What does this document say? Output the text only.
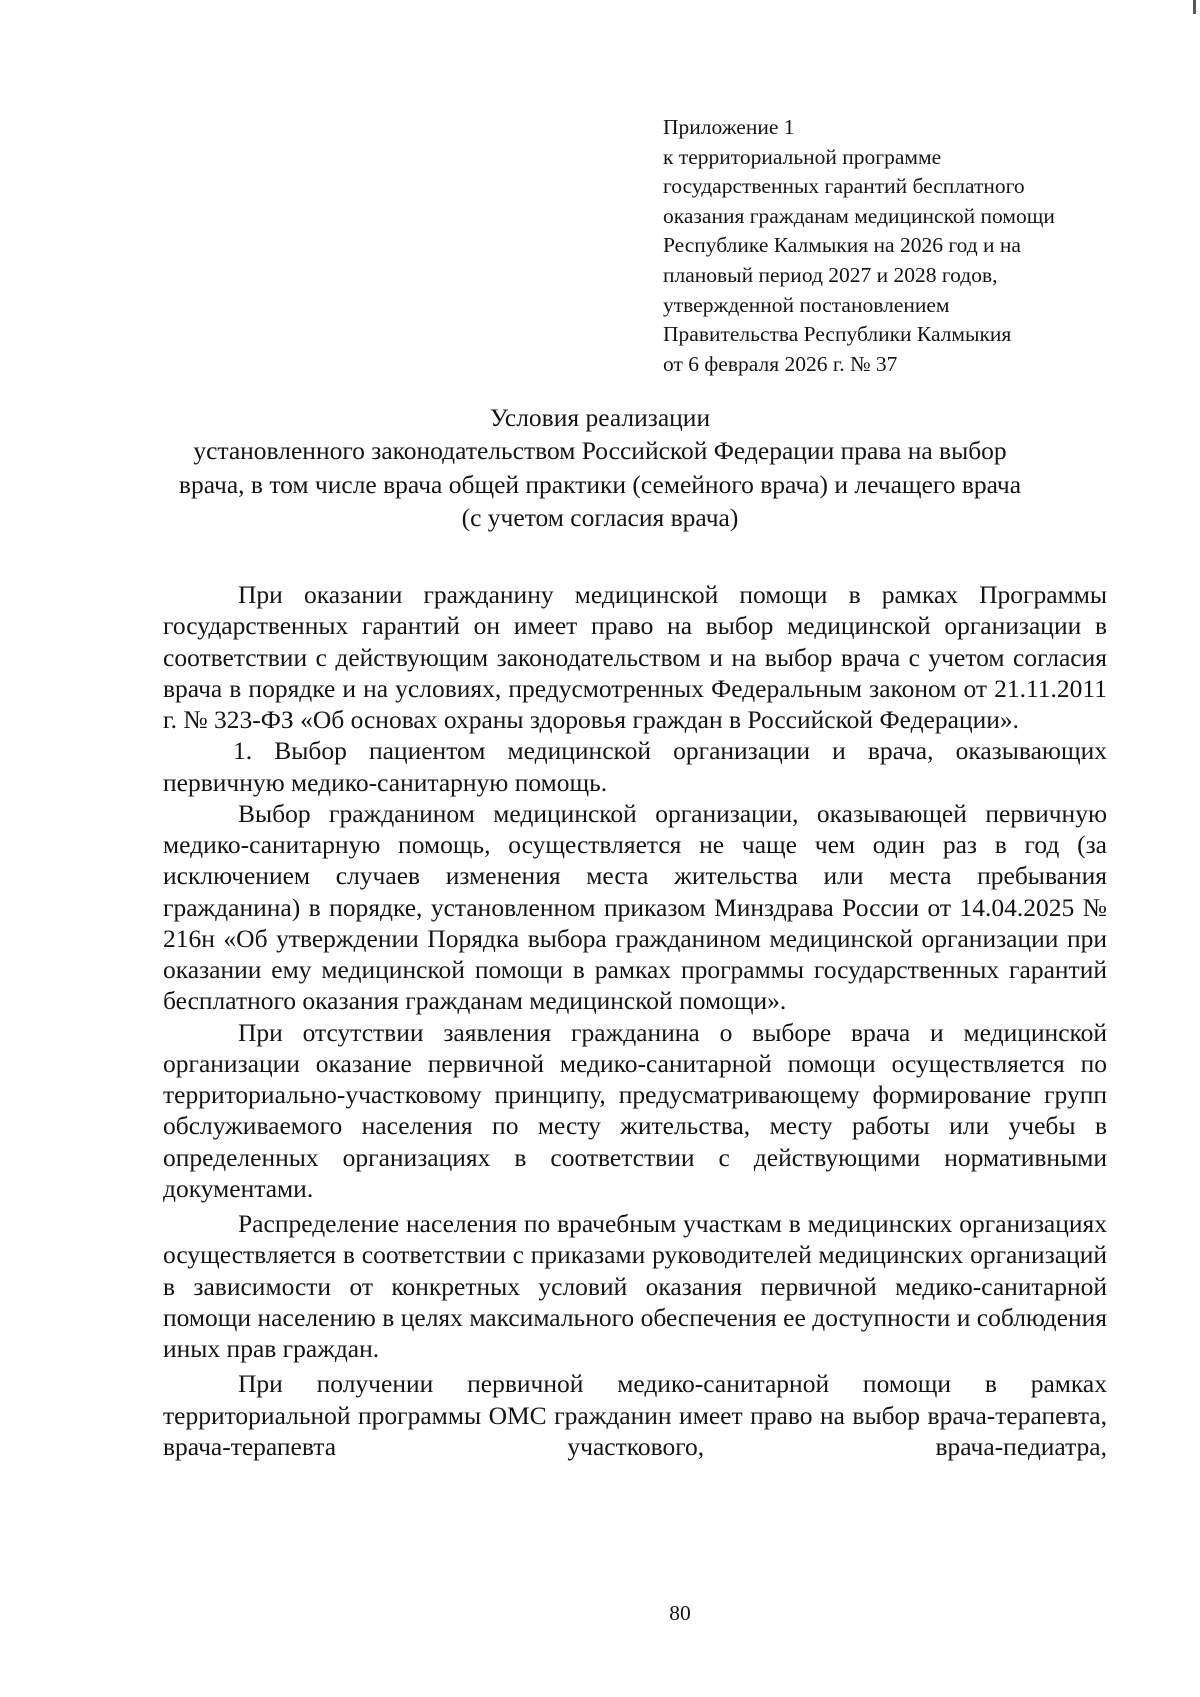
Приложение 1
к территориальной программе
государственных гарантий бесплатного
оказания гражданам медицинской помощи
Республике Калмыкия на 2026 год и на
плановый период 2027 и 2028 годов,
утвержденной постановлением
Правительства Республики Калмыкия
от 6 февраля 2026 г. № 37
Условия реализации
установленного законодательством Российской Федерации права на выбор
врача, в том числе врача общей практики (семейного врача) и лечащего врача
(с учетом согласия врача)

При оказании гражданину медицинской помощи в рамках Программы государственных гарантий он имеет право на выбор медицинской организации в соответствии с действующим законодательством и на выбор врача с учетом согласия врача в порядке и на условиях, предусмотренных Федеральным законом от 21.11.2011 г. № 323-ФЗ «Об основах охраны здоровья граждан в Российской Федерации».

1. Выбор пациентом медицинской организации и врача, оказывающих первичную медико-санитарную помощь.

Выбор гражданином медицинской организации, оказывающей первичную медико-санитарную помощь, осуществляется не чаще чем один раз в год (за исключением случаев изменения места жительства или места пребывания гражданина) в порядке, установленном приказом Минздрава России от 14.04.2025 № 216н «Об утверждении Порядка выбора гражданином медицинской организации при оказании ему медицинской помощи в рамках программы государственных гарантий бесплатного оказания гражданам медицинской помощи».

При отсутствии заявления гражданина о выборе врача и медицинской организации оказание первичной медико-санитарной помощи осуществляется по территориально-участковому принципу, предусматривающему формирование групп обслуживаемого населения по месту жительства, месту работы или учебы в определенных организациях в соответствии с действующими нормативными документами.

Распределение населения по врачебным участкам в медицинских организациях осуществляется в соответствии с приказами руководителей медицинских организаций в зависимости от конкретных условий оказания первичной медико-санитарной помощи населению в целях максимального обеспечения ее доступности и соблюдения иных прав граждан.

При получении первичной медико-санитарной помощи в рамках территориальной программы ОМС гражданин имеет право на выбор врача-терапевта, врача-терапевта участкового, врача-педиатра,

80
